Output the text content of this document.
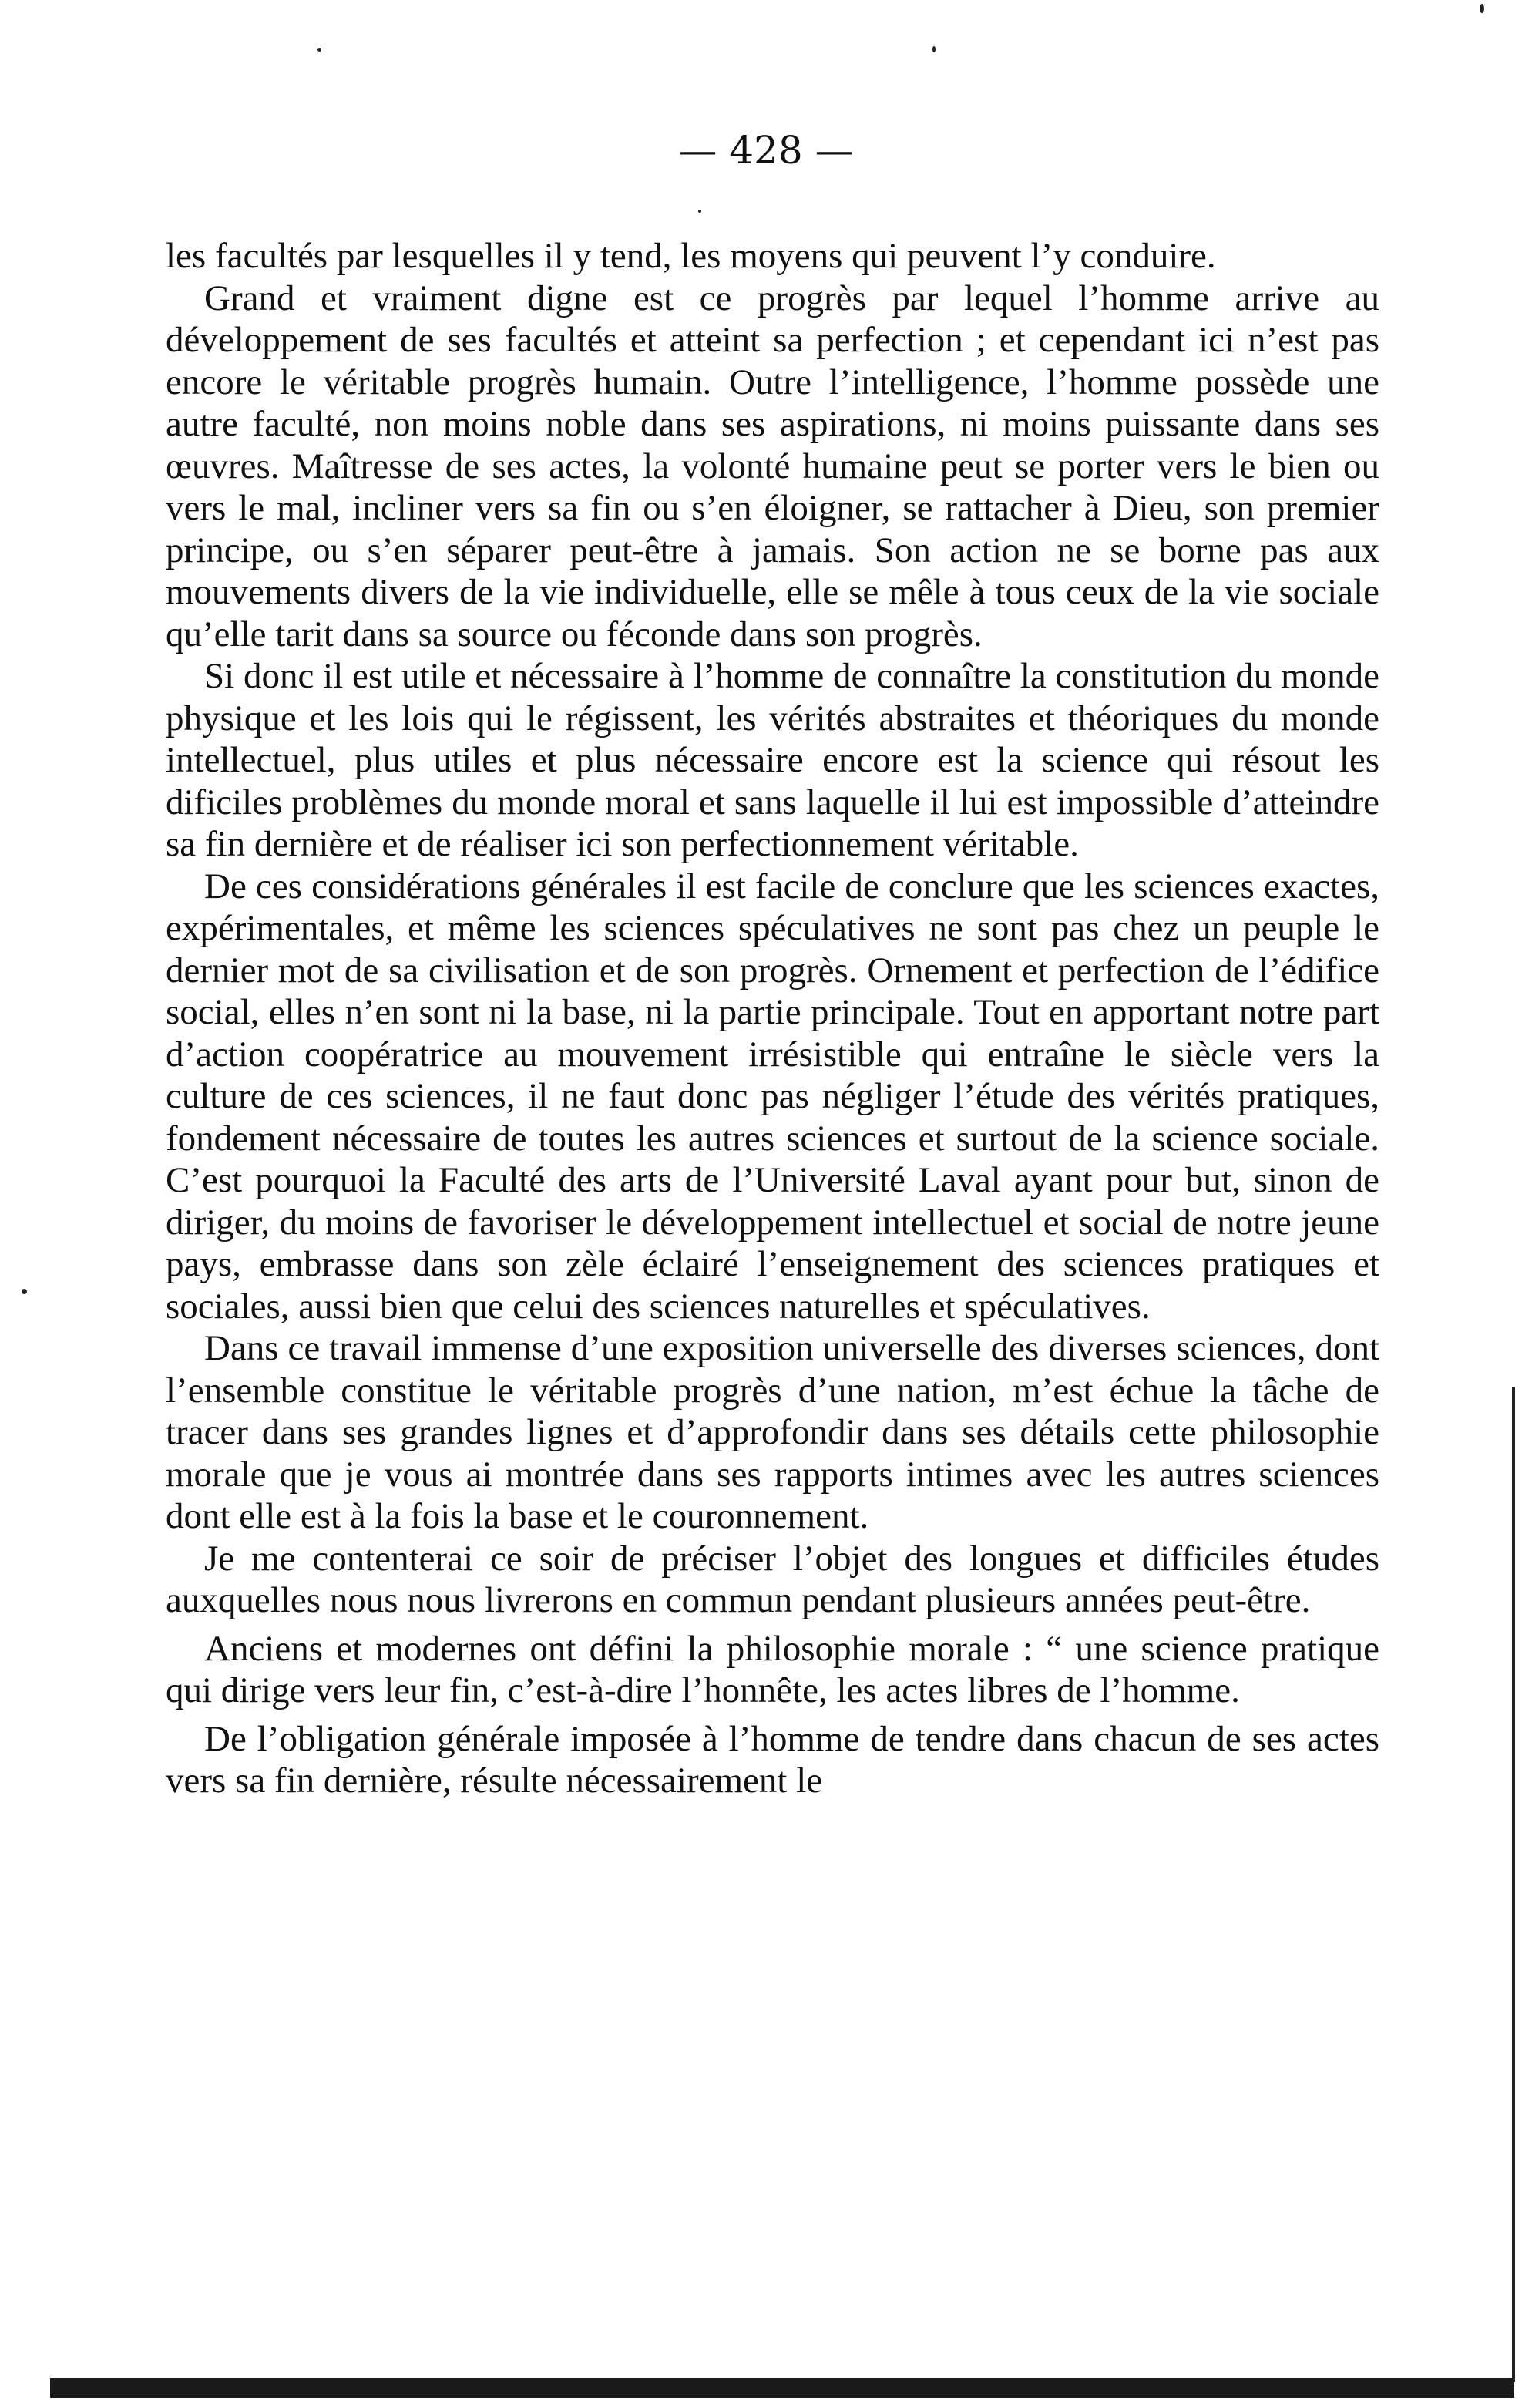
— 428 —

les facultés par lesquelles il y tend, les moyens qui peuvent l’y conduire.

Grand et vraiment digne est ce progrès par lequel l’homme arrive au développement de ses facultés et atteint sa perfection ; et cependant ici n’est pas encore le véritable progrès humain. Outre l’intelligence, l’homme possède une autre faculté, non moins noble dans ses aspirations, ni moins puissante dans ses œuvres. Maîtresse de ses actes, la volonté humaine peut se porter vers le bien ou vers le mal, incliner vers sa fin ou s’en éloigner, se rattacher à Dieu, son premier principe, ou s’en séparer peut-être à jamais. Son action ne se borne pas aux mouvements divers de la vie individuelle, elle se mêle à tous ceux de la vie sociale qu’elle tarit dans sa source ou féconde dans son progrès.

Si donc il est utile et nécessaire à l’homme de connaître la constitution du monde physique et les lois qui le régissent, les vérités abstraites et théoriques du monde intellectuel, plus utiles et plus nécessaire encore est la science qui résout les dificiles problèmes du monde moral et sans laquelle il lui est impossible d’atteindre sa fin dernière et de réaliser ici son perfectionnement véritable.

De ces considérations générales il est facile de conclure que les sciences exactes, expérimentales, et même les sciences spéculatives ne sont pas chez un peuple le dernier mot de sa civilisation et de son progrès. Ornement et perfection de l’édifice social, elles n’en sont ni la base, ni la partie principale. Tout en apportant notre part d’action coopératrice au mouvement irrésistible qui entraîne le siècle vers la culture de ces sciences, il ne faut donc pas négliger l’étude des vérités pratiques, fondement nécessaire de toutes les autres sciences et surtout de la science sociale. C’est pourquoi la Faculté des arts de l’Université Laval ayant pour but, sinon de diriger, du moins de favoriser le développement intellectuel et social de notre jeune pays, embrasse dans son zèle éclairé l’enseignement des sciences pratiques et sociales, aussi bien que celui des sciences naturelles et spéculatives.

Dans ce travail immense d’une exposition universelle des diverses sciences, dont l’ensemble constitue le véritable progrès d’une nation, m’est échue la tâche de tracer dans ses grandes lignes et d’approfondir dans ses détails cette philosophie morale que je vous ai montrée dans ses rapports intimes avec les autres sciences dont elle est à la fois la base et le couronnement.

Je me contenterai ce soir de préciser l’objet des longues et difficiles études auxquelles nous nous livrerons en commun pendant plusieurs années peut-être.

Anciens et modernes ont défini la philosophie morale : “ une science pratique qui dirige vers leur fin, c’est-à-dire l’honnête, les actes libres de l’homme.

De l’obligation générale imposée à l’homme de tendre dans chacun de ses actes vers sa fin dernière, résulte nécessairement le
